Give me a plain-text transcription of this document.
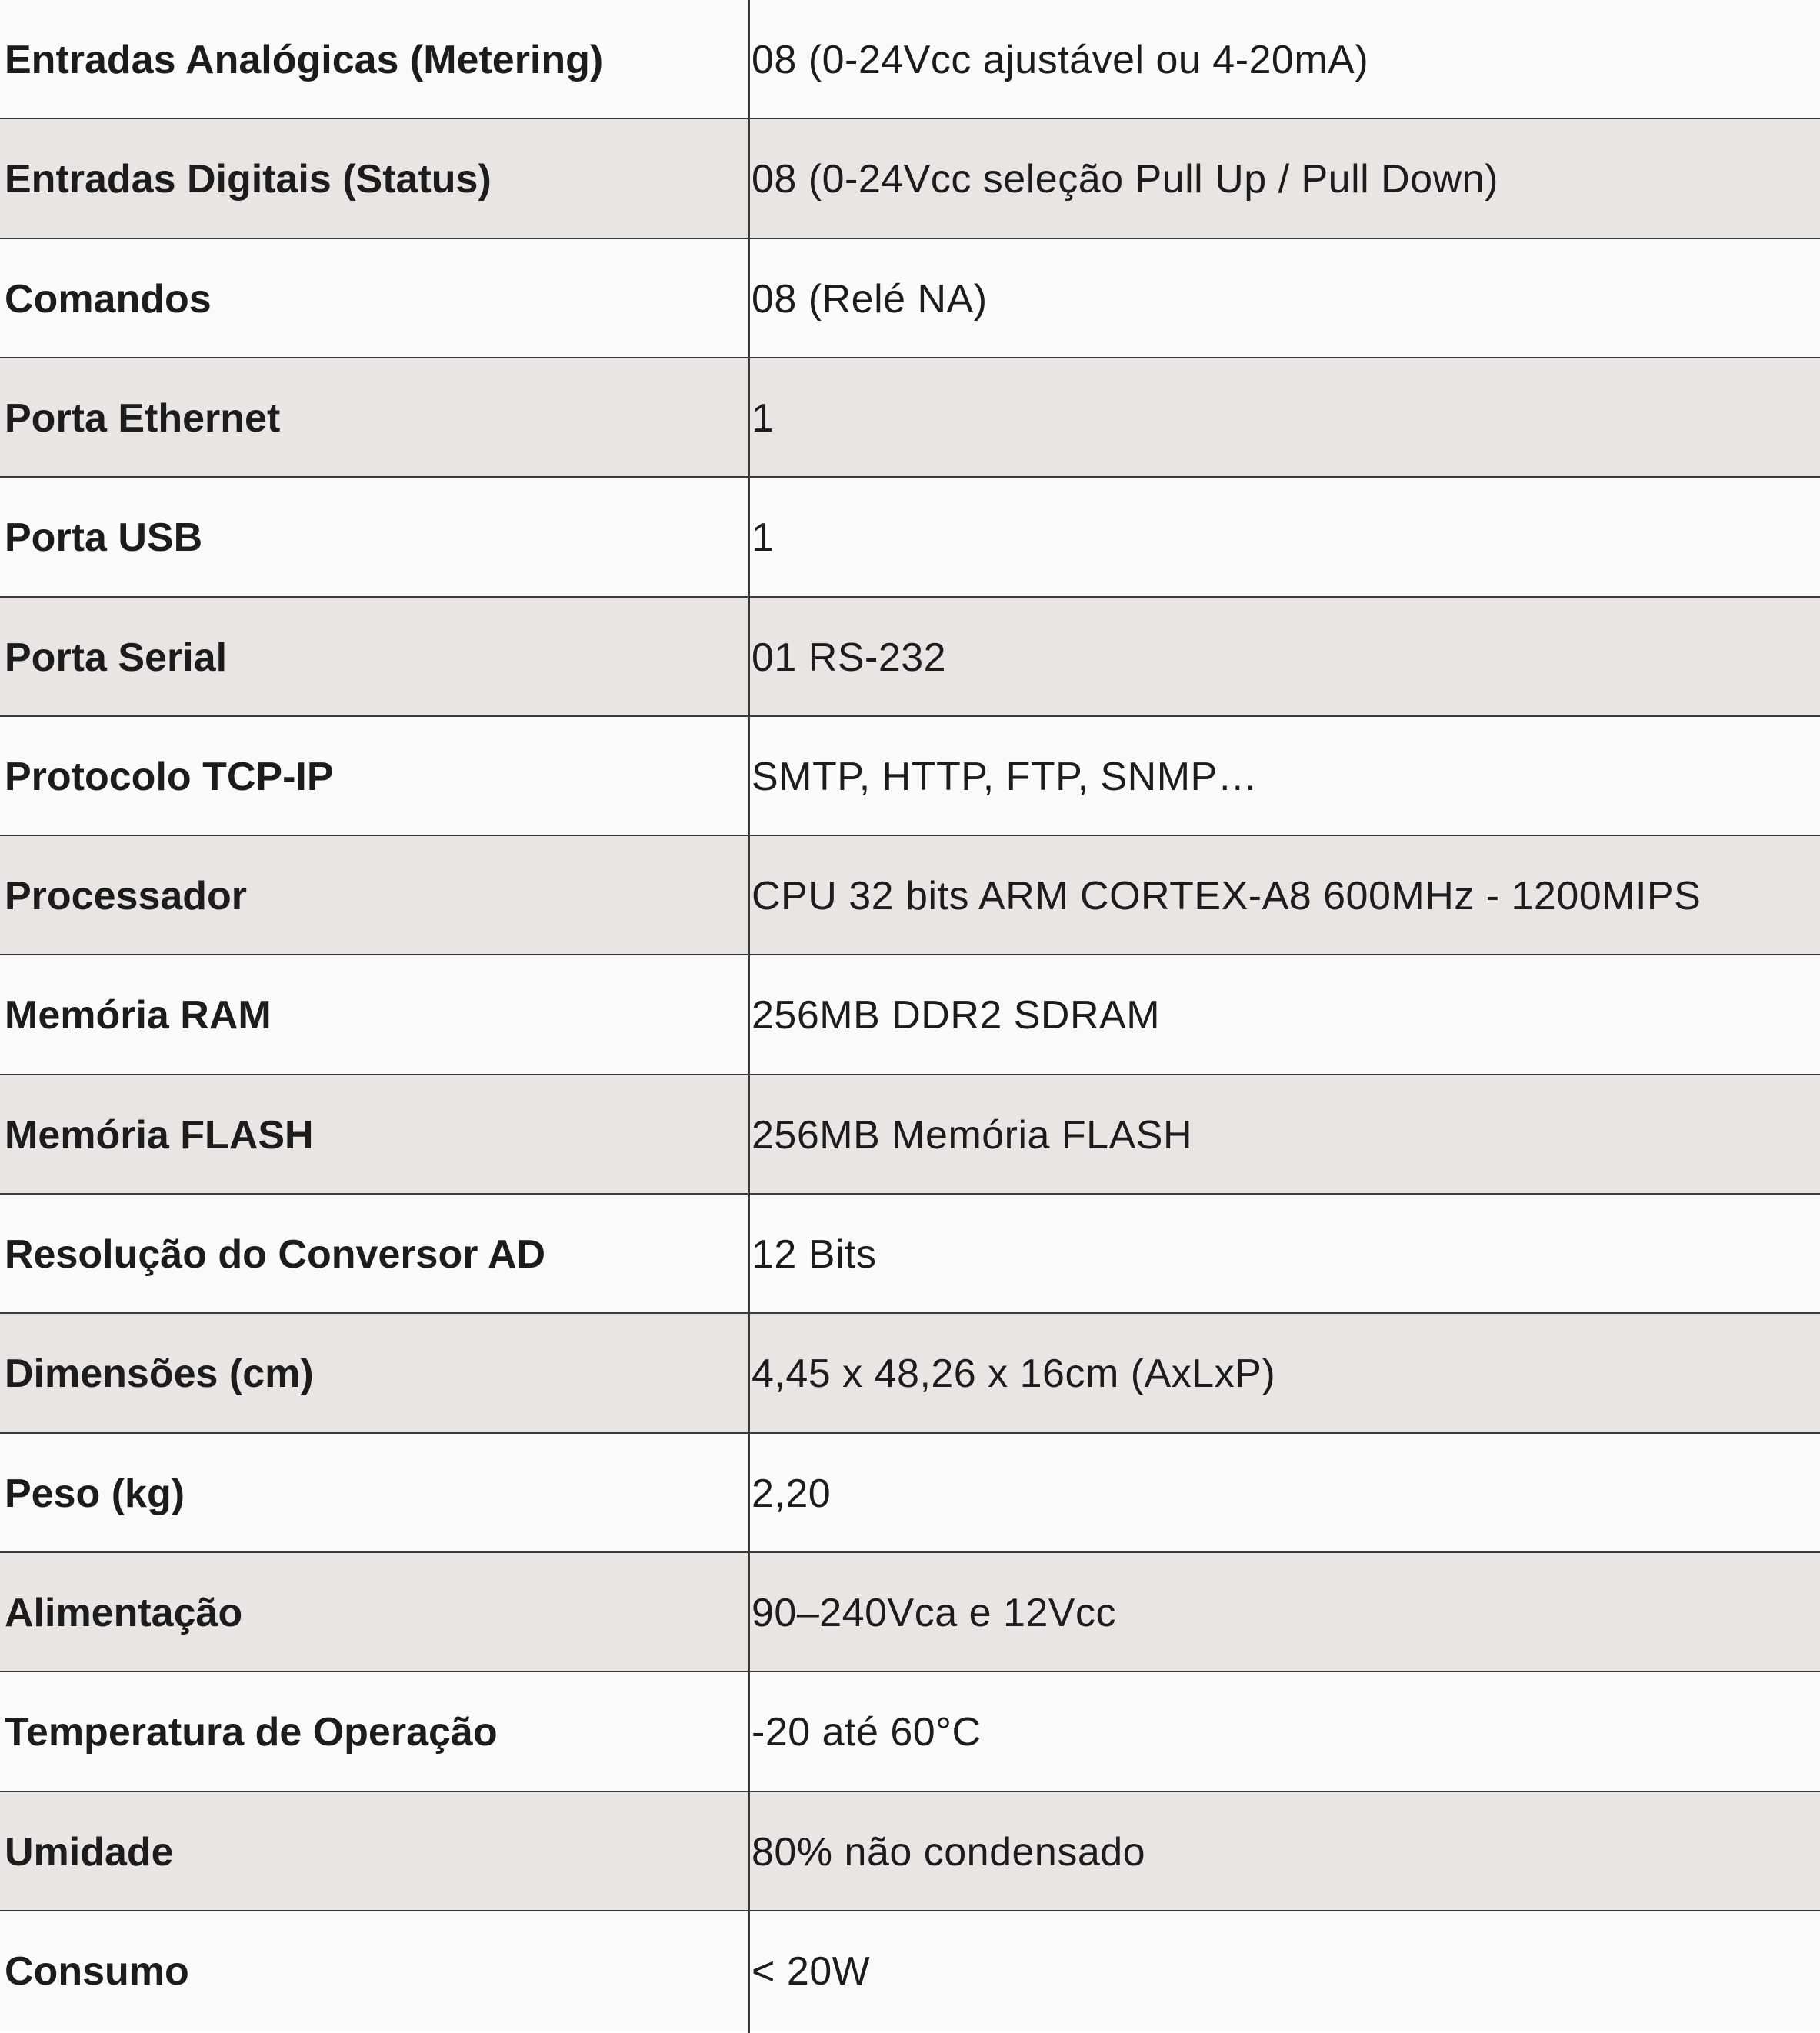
Entradas Analógicas (Metering)	08 (0-24Vcc ajustável ou 4-20mA)
Entradas Digitais (Status)	08 (0-24Vcc seleção Pull Up / Pull Down)
Comandos	08 (Relé NA)
Porta Ethernet	1
Porta USB	1
Porta Serial	01 RS-232
Protocolo TCP-IP	SMTP, HTTP, FTP, SNMP…
Processador	CPU 32 bits ARM CORTEX-A8 600MHz - 1200MIPS
Memória RAM	256MB DDR2 SDRAM
Memória FLASH	256MB Memória FLASH
Resolução do Conversor AD	12 Bits
Dimensões (cm)	4,45 x 48,26 x 16cm (AxLxP)
Peso (kg)	2,20
Alimentação	90–240Vca e 12Vcc
Temperatura de Operação	-20 até 60°C
Umidade	80% não condensado
Consumo	< 20W
